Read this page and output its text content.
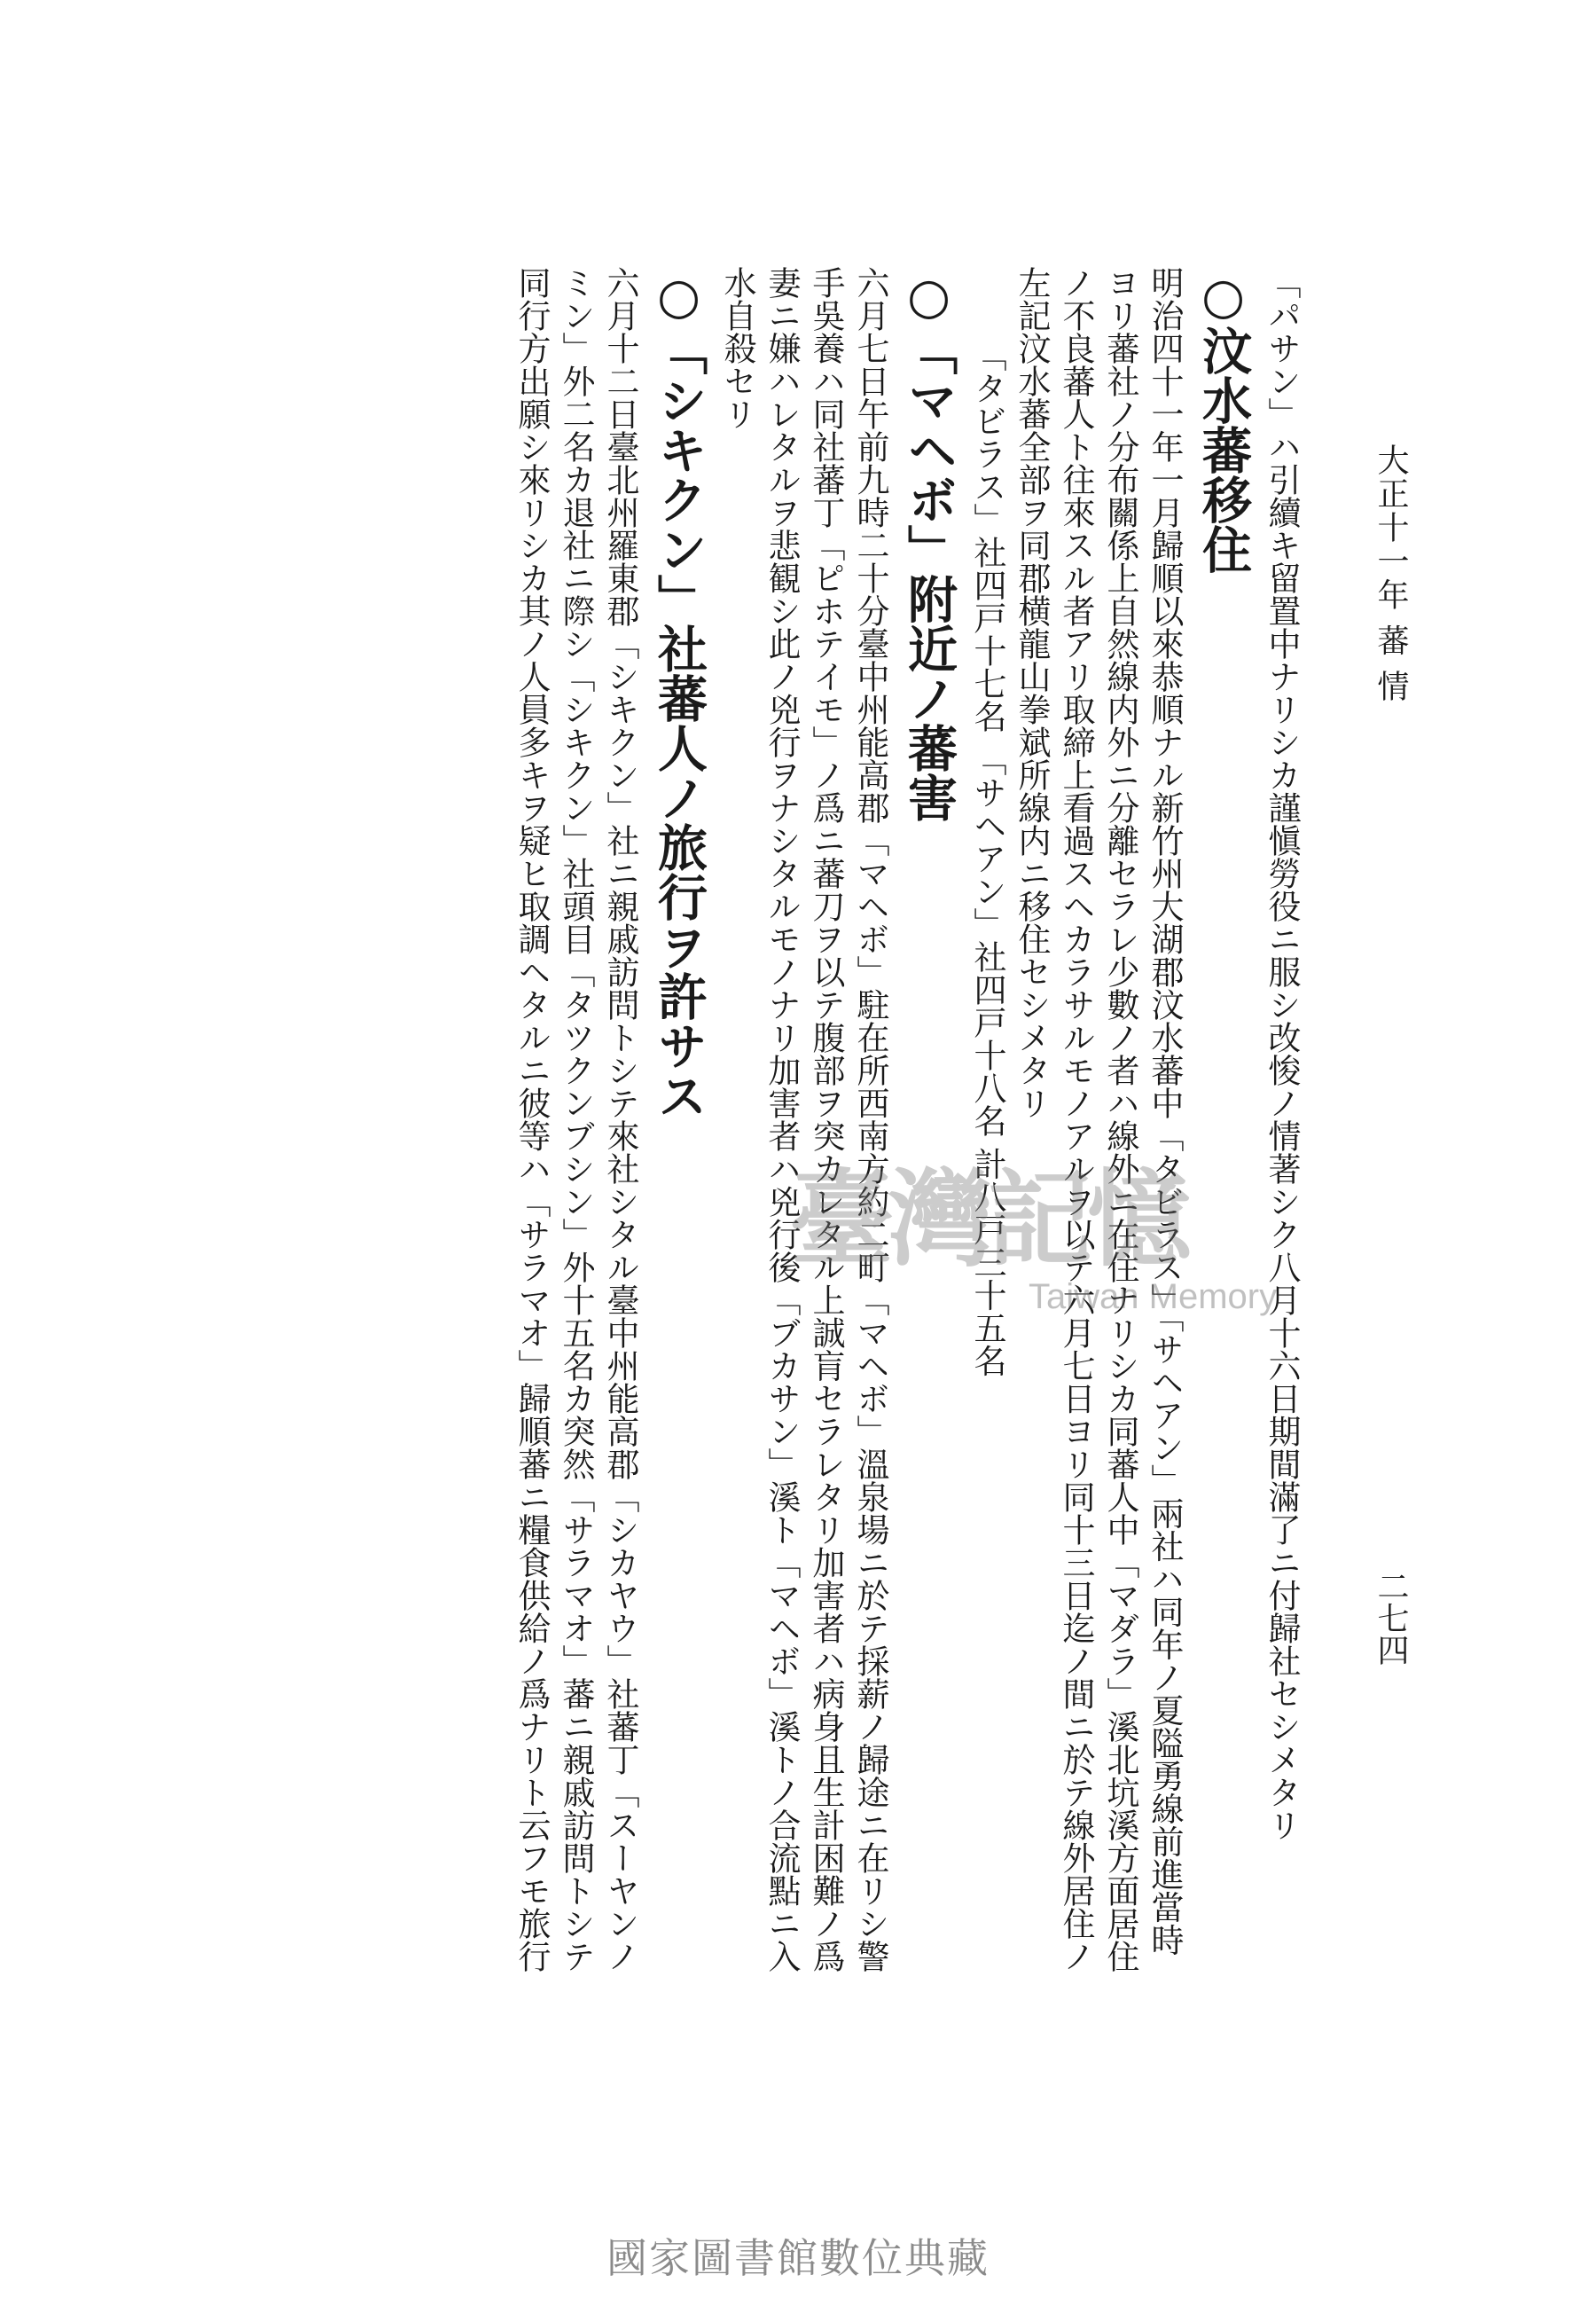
大正十一年 蕃 情
二七四

「パサン」ハ引續キ留置中ナリシカ謹愼勞役ニ服シ改悛ノ情著シク八月十六日期間滿了ニ付歸社セシメタリ

○汶水蕃移住

明治四十一年一月歸順以來恭順ナル新竹州大湖郡汶水蕃中「タビラス」「サヘアン」兩社ハ同年ノ夏隘勇線前進當時

ヨリ蕃社ノ分布關係上自然線内外ニ分離セラレ少數ノ者ハ線外ニ在住ナリシカ同蕃人中「マダラ」溪北坑溪方面居住

ノ不良蕃人ト往來スル者アリ取締上看過スヘカラサルモノアルヲ以テ六月七日ヨリ同十三日迄ノ間ニ於テ線外居住ノ

左記汶水蕃全部ヲ同郡横龍山拳斌所線内ニ移住セシメタリ

「タビラス」社四戸十七名 「サヘアン」社四戸十八名 計八戸三十五名

○「マヘボ」附近ノ蕃害

六月七日午前九時二十分臺中州能高郡「マヘボ」駐在所西南方約二町「マヘボ」溫泉場ニ於テ採薪ノ歸途ニ在リシ警

手吳養ハ同社蕃丁「ピホテイモ」ノ爲ニ蕃刀ヲ以テ腹部ヲ突カレタル上誠肓セラレタリ加害者ハ病身且生計困難ノ爲

妻ニ嫌ハレタルヲ悲観シ此ノ兇行ヲナシタルモノナリ加害者ハ兇行後「ブカサン」溪ト「マヘボ」溪トノ合流點ニ入

水自殺セリ

○「シキクン」社蕃人ノ旅行ヲ許サス

六月十二日臺北州羅東郡「シキクン」社ニ親戚訪問トシテ來社シタル臺中州能高郡「シカヤウ」社蕃丁「スーヤンノ

ミン」外二名カ退社ニ際シ「シキクン」社頭目「タツクンブシン」外十五名カ突然「サラマオ」蕃ニ親戚訪問トシテ

同行方出願シ來リシカ其ノ人員多キヲ疑ヒ取調ヘタルニ彼等ハ「サラマオ」歸順蕃ニ糧食供給ノ爲ナリト云フモ旅行 臺灣記憶
Taiwan Memory
國家圖書館數位典藏
